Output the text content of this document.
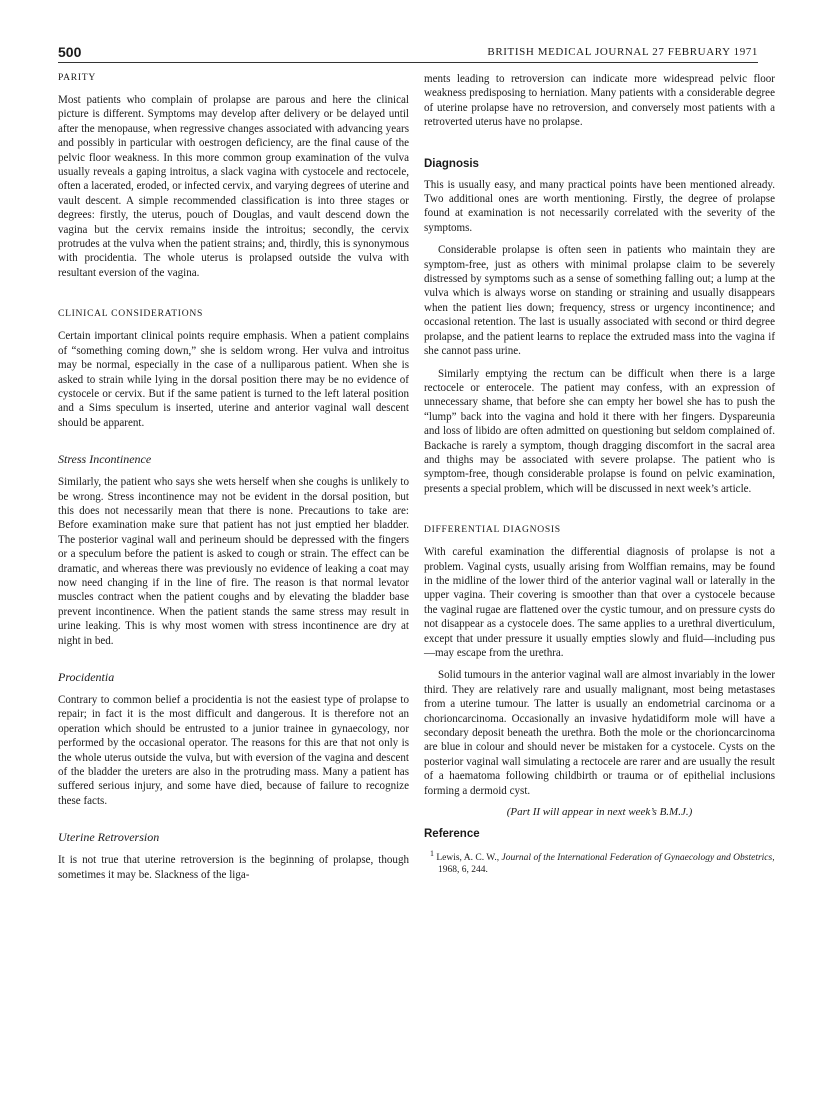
500	BRITISH MEDICAL JOURNAL 27 FEBRUARY 1971
PARITY

Most patients who complain of prolapse are parous and here the clinical picture is different. Symptoms may develop after delivery or be delayed until after the menopause, when regressive changes associated with advancing years and possibly in particular with oestrogen deficiency, are the final cause of the pelvic floor weakness. In this more common group examination of the vulva usually reveals a gaping introitus, a slack vagina with cystocele and rectocele, often a lacerated, eroded, or infected cervix, and varying degrees of uterine and vault descent. A simple recommended classification is into three stages or degrees: firstly, the uterus, pouch of Douglas, and vault descend down the vagina but the cervix remains inside the introitus; secondly, the cervix protrudes at the vulva when the patient strains; and, thirdly, this is synonymous with procidentia. The whole uterus is prolapsed outside the vulva with resultant eversion of the vagina.

CLINICAL CONSIDERATIONS

Certain important clinical points require emphasis. When a patient complains of “something coming down,” she is seldom wrong. Her vulva and introitus may be normal, especially in the case of a nulliparous patient. When she is asked to strain while lying in the dorsal position there may be no evidence of cystocele or cervix. But if the same patient is turned to the left lateral position and a Sims speculum is inserted, uterine and anterior vaginal wall descent should be apparent.

Stress Incontinence

Similarly, the patient who says she wets herself when she coughs is unlikely to be wrong. Stress incontinence may not be evident in the dorsal position, but this does not necessarily mean that there is none. Precautions to take are: Before examination make sure that patient has not just emptied her bladder. The posterior vaginal wall and perineum should be depressed with the fingers or a speculum before the patient is asked to cough or strain. The effect can be dramatic, and whereas there was previously no evidence of leaking a coat may now need changing if in the line of fire. The reason is that normal levator muscles contract when the patient coughs and by elevating the bladder base prevent incontinence. When the patient stands the same stress may result in urine leaking. This is why most women with stress incontinence are dry at night in bed.

Procidentia

Contrary to common belief a procidentia is not the easiest type of prolapse to repair; in fact it is the most difficult and dangerous. It is therefore not an operation which should be entrusted to a junior trainee in gynaecology, nor performed by the occasional operator. The reasons for this are that not only is the whole uterus outside the vulva, but with eversion of the vagina and descent of the bladder the ureters are also in the protruding mass. Many a patient has suffered serious injury, and some have died, because of failure to recognize these facts.

Uterine Retroversion

It is not true that uterine retroversion is the beginning of prolapse, though sometimes it may be. Slackness of the liga-

ments leading to retroversion can indicate more widespread pelvic floor weakness predisposing to herniation. Many patients with a considerable degree of uterine prolapse have no retroversion, and conversely most patients with a retroverted uterus have no prolapse.

Diagnosis

This is usually easy, and many practical points have been mentioned already. Two additional ones are worth mentioning. Firstly, the degree of prolapse found at examination is not necessarily correlated with the severity of the symptoms.

Considerable prolapse is often seen in patients who maintain they are symptom-free, just as others with minimal prolapse claim to be severely distressed by symptoms such as a sense of something falling out; a lump at the vulva which is always worse on standing or straining and usually disappears when the patient lies down; frequency, stress or urgency incontinence; and occasional retention. The last is usually associated with second or third degree prolapse, and the patient learns to replace the extruded mass into the vagina if she cannot pass urine.

Similarly emptying the rectum can be difficult when there is a large rectocele or enterocele. The patient may confess, with an expression of unnecessary shame, that before she can empty her bowel she has to push the “lump” back into the vagina and hold it there with her fingers. Dyspareunia and loss of libido are often admitted on questioning but seldom complained of. Backache is rarely a symptom, though dragging discomfort in the sacral area and thighs may be associated with severe prolapse. The patient who is symptom-free, though considerable prolapse is found on pelvic examination, presents a special problem, which will be discussed in next week’s article.

DIFFERENTIAL DIAGNOSIS

With careful examination the differential diagnosis of prolapse is not a problem. Vaginal cysts, usually arising from Wolffian remains, may be found in the midline of the lower third of the anterior vaginal wall or laterally in the upper vagina. Their covering is smoother than that over a cystocele because the vaginal rugae are flattened over the cystic tumour, and on pressure cysts do not disappear as a cystocele does. The same applies to a urethral diverticulum, except that under pressure it usually empties slowly and fluid—including pus—may escape from the urethra.

Solid tumours in the anterior vaginal wall are almost invariably in the lower third. They are relatively rare and usually malignant, most being metastases from a uterine tumour. The latter is usually an endometrial carcinoma or a chorioncarcinoma. Occasionally an invasive hydatidiform mole will have a secondary deposit beneath the urethra. Both the mole or the chorioncarcinoma are blue in colour and should never be mistaken for a cystocele. Cysts on the posterior vaginal wall simulating a rectocele are rarer and are usually the result of a haematoma following childbirth or trauma or of epithelial inclusions forming a dermoid cyst.

(Part II will appear in next week’s B.M.J.)
Reference
$^1$ Lewis, A. C. W., Journal of the International Federation of Gynaecology and Obstetrics, 1968, 6, 244.
